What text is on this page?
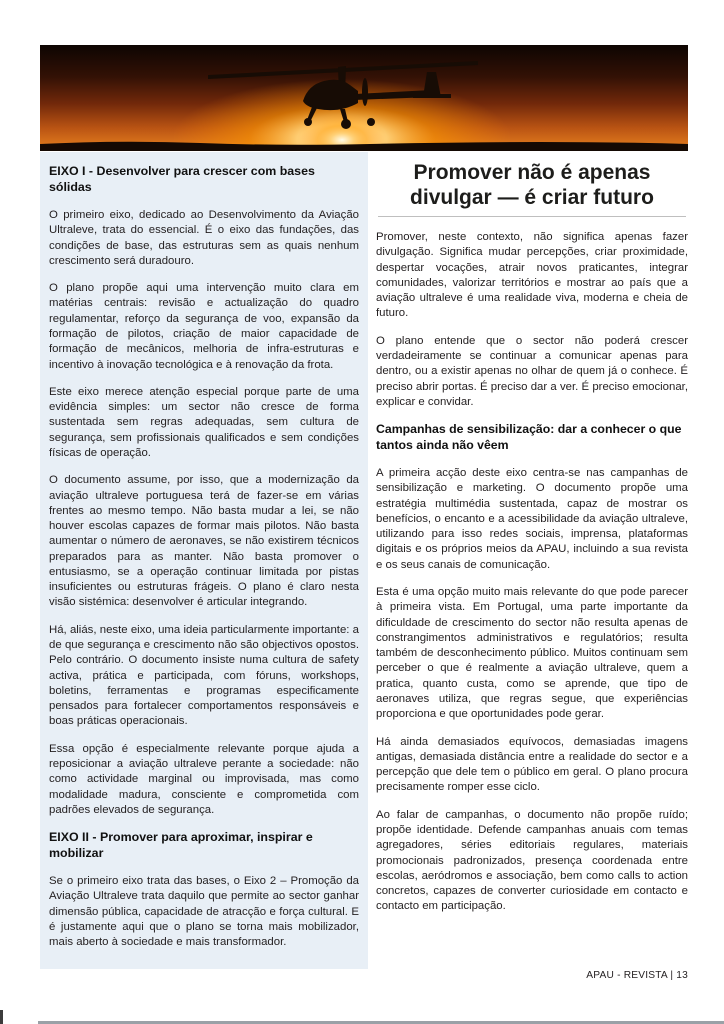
EIXO I - Desenvolver para crescer com bases sólidas

O primeiro eixo, dedicado ao Desenvolvimento da Aviação Ultraleve, trata do essencial. É o eixo das fundações, das condições de base, das estruturas sem as quais nenhum crescimento será duradouro.

O plano propõe aqui uma intervenção muito clara em matérias centrais: revisão e actualização do quadro regulamentar, reforço da segurança de voo, expansão da formação de pilotos, criação de maior capacidade de formação de mecânicos, melhoria de infra-estruturas e incentivo à inovação tecnológica e à renovação da frota.

Este eixo merece atenção especial porque parte de uma evidência simples: um sector não cresce de forma sustentada sem regras adequadas, sem cultura de segurança, sem profissionais qualificados e sem condições físicas de operação.

O documento assume, por isso, que a modernização da aviação ultraleve portuguesa terá de fazer-se em várias frentes ao mesmo tempo. Não basta mudar a lei, se não houver escolas capazes de formar mais pilotos. Não basta aumentar o número de aeronaves, se não existirem técnicos preparados para as manter. Não basta promover o entusiasmo, se a operação continuar limitada por pistas insuficientes ou estruturas frágeis. O plano é claro nesta visão sistémica: desenvolver é articular integrando.

Há, aliás, neste eixo, uma ideia particularmente importante: a de que segurança e crescimento não são objectivos opostos. Pelo contrário. O documento insiste numa cultura de safety activa, prática e participada, com fóruns, workshops, boletins, ferramentas e programas especificamente pensados para fortalecer comportamentos responsáveis e boas práticas operacionais.

Essa opção é especialmente relevante porque ajuda a reposicionar a aviação ultraleve perante a sociedade: não como actividade marginal ou improvisada, mas como modalidade madura, consciente e comprometida com padrões elevados de segurança.

EIXO II - Promover para aproximar, inspirar e mobilizar

Se o primeiro eixo trata das bases, o Eixo 2 – Promoção da Aviação Ultraleve trata daquilo que permite ao sector ganhar dimensão pública, capacidade de atracção e força cultural. E é justamente aqui que o plano se torna mais mobilizador, mais aberto à sociedade e mais transformador.

Promover não é apenas
divulgar — é criar futuro

Promover, neste contexto, não significa apenas fazer divulgação. Significa mudar percepções, criar proximidade, despertar vocações, atrair novos praticantes, integrar comunidades, valorizar territórios e mostrar ao país que a aviação ultraleve é uma realidade viva, moderna e cheia de futuro.

O plano entende que o sector não poderá crescer verdadeiramente se continuar a comunicar apenas para dentro, ou a existir apenas no olhar de quem já o conhece. É preciso abrir portas. É preciso dar a ver. É preciso emocionar, explicar e convidar.

Campanhas de sensibilização: dar a conhecer o que tantos ainda não vêem

A primeira acção deste eixo centra-se nas campanhas de sensibilização e marketing. O documento propõe uma estratégia multimédia sustentada, capaz de mostrar os benefícios, o encanto e a acessibilidade da aviação ultraleve, utilizando para isso redes sociais, imprensa, plataformas digitais e os próprios meios da APAU, incluindo a sua revista e os seus canais de comunicação.

Esta é uma opção muito mais relevante do que pode parecer à primeira vista. Em Portugal, uma parte importante da dificuldade de crescimento do sector não resulta apenas de constrangimentos administrativos e regulatórios; resulta também de desconhecimento público. Muitos continuam sem perceber o que é realmente a aviação ultraleve, quem a pratica, quanto custa, como se aprende, que tipo de aeronaves utiliza, que regras segue, que experiências proporciona e que oportunidades pode gerar.

Há ainda demasiados equívocos, demasiadas imagens antigas, demasiada distância entre a realidade do sector e a percepção que dele tem o público em geral. O plano procura precisamente romper esse ciclo.

Ao falar de campanhas, o documento não propõe ruído; propõe identidade. Defende campanhas anuais com temas agregadores, séries editoriais regulares, materiais promocionais padronizados, presença coordenada entre escolas, aeródromos e associação, bem como calls to action concretos, capazes de converter curiosidade em contacto e contacto em participação.

APAU - REVISTA | 13
